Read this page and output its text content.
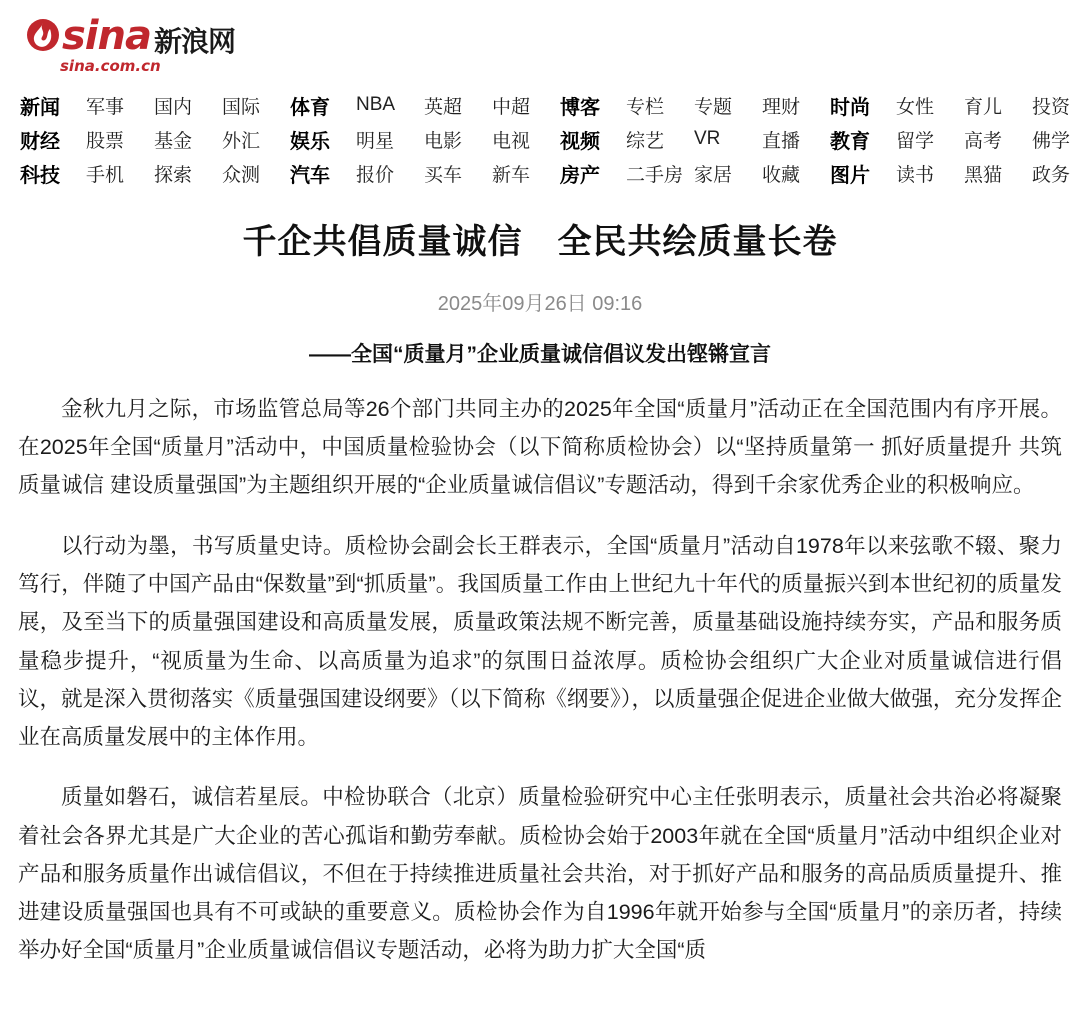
sina 新浪网
sina.com.cn
新闻	军事	国内	国际
财经	股票	基金	外汇
科技	手机	探索	众测
体育	NBA	英超	中超
娱乐	明星	电影	电视
汽车	报价	买车	新车
博客	专栏	专题	理财
视频	综艺	VR	直播
房产	二手房 家居	收藏
时尚	女性	育儿	投资
教育	留学	高考	佛学
图片	读书	黑猫	政务
千企共倡质量诚信　全民共绘质量长卷
2025年09月26日 09:16
——全国“质量月”企业质量诚信倡议发出铿锵宣言

金秋九月之际，市场监管总局等26个部门共同主办的2025年全国“质量月”活动正在全国范围内有序开展。在2025年全国“质量月”活动中，中国质量检验协会（以下简称质检协会）以“坚持质量第一 抓好质量提升 共筑质量诚信 建设质量强国”为主题组织开展的“企业质量诚信倡议”专题活动，得到千余家优秀企业的积极响应。

以行动为墨，书写质量史诗。质检协会副会长王群表示，全国“质量月”活动自1978年以来弦歌不辍、聚力笃行，伴随了中国产品由“保数量”到“抓质量”。我国质量工作由上世纪九十年代的质量振兴到本世纪初的质量发展，及至当下的质量强国建设和高质量发展，质量政策法规不断完善，质量基础设施持续夯实，产品和服务质量稳步提升，“视质量为生命、以高质量为追求”的氛围日益浓厚。质检协会组织广大企业对质量诚信进行倡议，就是深入贯彻落实《质量强国建设纲要》（以下简称《纲要》），以质量强企促进企业做大做强，充分发挥企业在高质量发展中的主体作用。

质量如磐石，诚信若星辰。中检协联合（北京）质量检验研究中心主任张明表示，质量社会共治必将凝聚着社会各界尤其是广大企业的苦心孤诣和勤劳奉献。质检协会始于2003年就在全国“质量月”活动中组织企业对产品和服务质量作出诚信倡议，不但在于持续推进质量社会共治，对于抓好产品和服务的高品质质量提升、推进建设质量强国也具有不可或缺的重要意义。质检协会作为自1996年就开始参与全国“质量月”的亲历者，持续举办好全国“质量月”企业质量诚信倡议专题活动，必将为助力扩大全国“质
